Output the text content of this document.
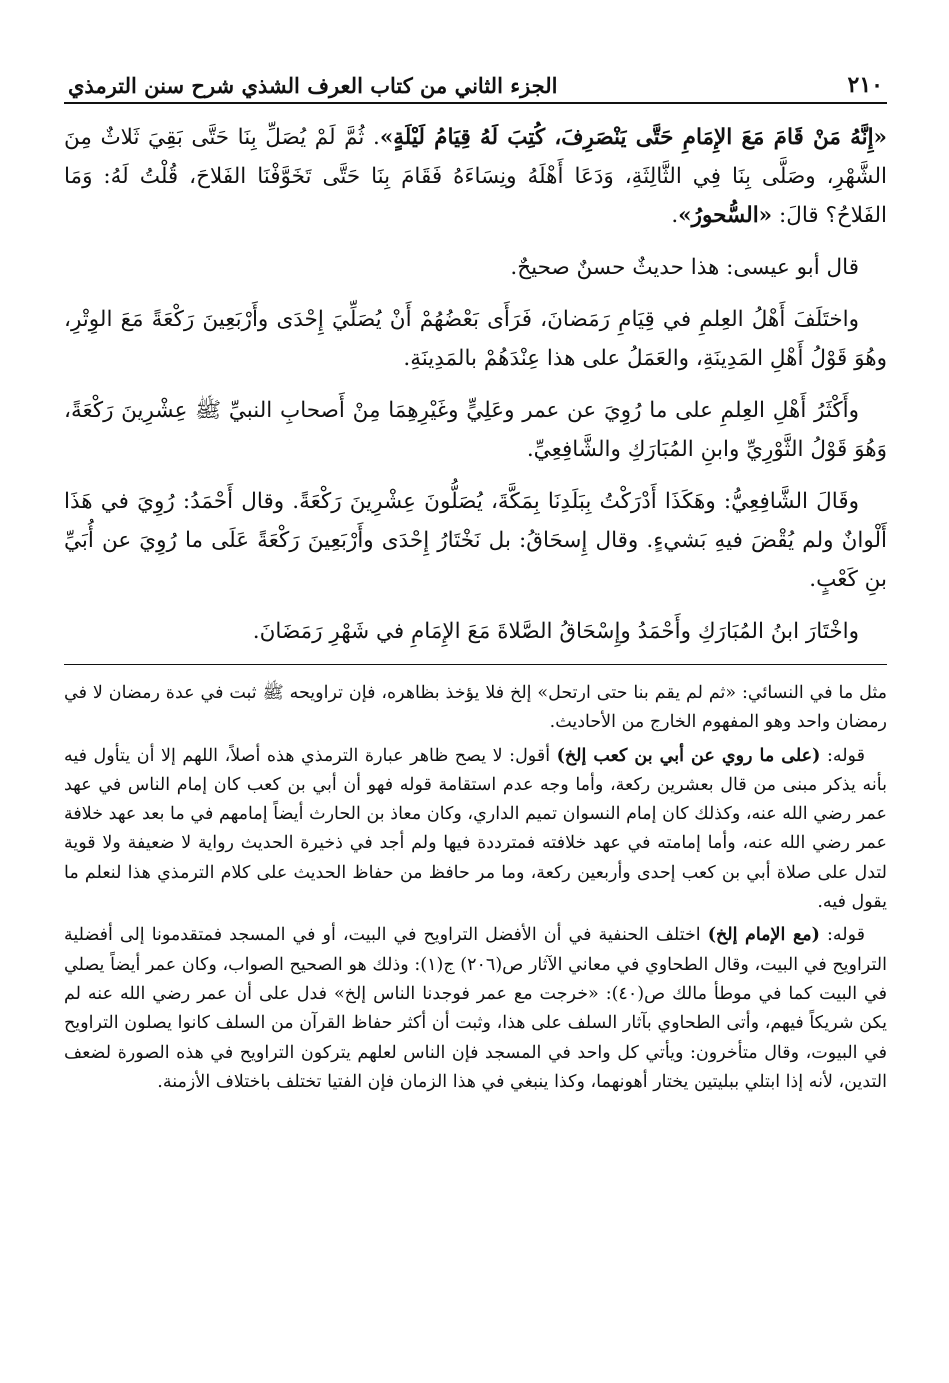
٢١٠
الجزء الثاني من كتاب العرف الشذي شرح سنن الترمذي

«إِنَّهُ مَنْ قَامَ مَعَ الإِمَامِ حَتَّى يَنْصَرِفَ، كُتِبَ لَهُ قِيَامُ لَيْلَةٍ». ثُمَّ لَمْ يُصَلِّ بِنَا حَتَّى بَقِيَ ثَلاثٌ مِنَ الشَّهْرِ، وصَلَّى بِنَا فِي الثَّالِثَةِ، وَدَعَا أَهْلَهُ ونِسَاءَهُ فَقَامَ بِنَا حَتَّى تَخَوَّفْنَا الفَلاحَ، قُلْتُ لَهُ: وَمَا الفَلاحُ؟ قالَ: «السُّحورُ».

قال أبو عيسى: هذا حديثٌ حسنٌ صحيحٌ.

واختَلَفَ أَهْلُ العِلمِ في قِيَامِ رَمَضانَ، فَرَأَى بَعْضُهُمْ أَنْ يُصَلِّيَ إِحْدَى وأَرْبَعِينَ رَكْعَةً مَعَ الوِتْرِ، وهُوَ قَوْلُ أَهْلِ المَدِينَةِ، والعَمَلُ على هذا عِنْدَهُمْ بالمَدِينَةِ.

وأَكْثَرُ أَهْلِ العِلمِ على ما رُوِيَ عن عمر وعَلِيٍّ وغَيْرِهِمَا مِنْ أَصحابِ النبيِّ ﷺ عِشْرِينَ رَكْعَةً، وَهُوَ قَوْلُ الثَّوْرِيِّ وابنِ المُبَارَكِ والشَّافِعِيِّ.

وقَالَ الشَّافِعِيُّ: وهَكَذَا أَدْرَكْتُ بِبَلَدِنَا بِمَكَّةَ، يُصَلُّونَ عِشْرِينَ رَكْعَةً. وقال أَحْمَدُ: رُوِيَ في هَذَا أَلْوانٌ ولم يُقْضَ فيهِ بَشيءٍ. وقال إِسحَاقُ: بل نَخْتَارُ إِحْدَى وأَرْبَعِينَ رَكْعَةً عَلَى ما رُوِيَ عن أُبَيِّ بنِ كَعْبٍ.

واخْتَارَ ابنُ المُبَارَكِ وأَحْمَدُ وإِسْحَاقُ الصَّلاةَ مَعَ الإِمَامِ في شَهْرِ رَمَضَانَ.

مثل ما في النسائي: «ثم لم يقم بنا حتى ارتحل» إلخ فلا يؤخذ بظاهره، فإن تراويحه ﷺ ثبت في عدة رمضان لا في رمضان واحد وهو المفهوم الخارج من الأحاديث.

قوله: (على ما روي عن أبي بن كعب إلخ) أقول: لا يصح ظاهر عبارة الترمذي هذه أصلاً، اللهم إلا أن يتأول فيه بأنه يذكر مبنى من قال بعشرين ركعة، وأما وجه عدم استقامة قوله فهو أن أبي بن كعب كان إمام الناس في عهد عمر رضي الله عنه، وكذلك كان إمام النسوان تميم الداري، وكان معاذ بن الحارث أيضاً إمامهم في ما بعد عهد خلافة عمر رضي الله عنه، وأما إمامته في عهد خلافته فمترددة فيها ولم أجد في ذخيرة الحديث رواية لا ضعيفة ولا قوية لتدل على صلاة أبي بن كعب إحدى وأربعين ركعة، وما مر حافظ من حفاظ الحديث على كلام الترمذي هذا لنعلم ما يقول فيه.

قوله: (مع الإمام إلخ) اختلف الحنفية في أن الأفضل التراويح في البيت، أو في المسجد فمتقدمونا إلى أفضلية التراويح في البيت، وقال الطحاوي في معاني الآثار ص(٢٠٦) ج(١): وذلك هو الصحيح الصواب، وكان عمر أيضاً يصلي في البيت كما في موطأ مالك ص(٤٠): «خرجت مع عمر فوجدنا الناس إلخ» فدل على أن عمر رضي الله عنه لم يكن شريكاً فيهم، وأتى الطحاوي بآثار السلف على هذا، وثبت أن أكثر حفاظ القرآن من السلف كانوا يصلون التراويح في البيوت، وقال متأخرون: ويأتي كل واحد في المسجد فإن الناس لعلهم يتركون التراويح في هذه الصورة لضعف التدين، لأنه إذا ابتلي ببليتين يختار أهونهما، وكذا ينبغي في هذا الزمان فإن الفتيا تختلف باختلاف الأزمنة.
